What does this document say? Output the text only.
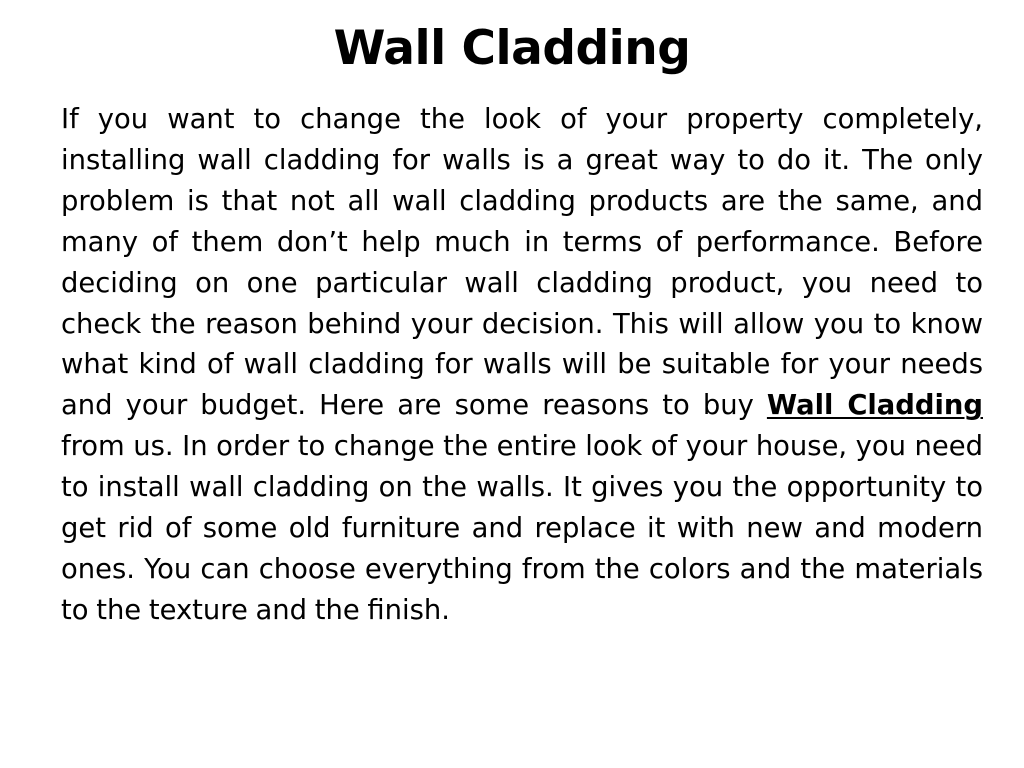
Wall Cladding

If you want to change the look of your property completely, installing wall cladding for walls is a great way to do it. The only problem is that not all wall cladding products are the same, and many of them don’t help much in terms of performance. Before deciding on one particular wall cladding product, you need to check the reason behind your decision. This will allow you to know what kind of wall cladding for walls will be suitable for your needs and your budget. Here are some reasons to buy Wall Cladding from us. In order to change the entire look of your house, you need to install wall cladding on the walls. It gives you the opportunity to get rid of some old furniture and replace it with new and modern ones. You can choose everything from the colors and the materials to the texture and the finish.
